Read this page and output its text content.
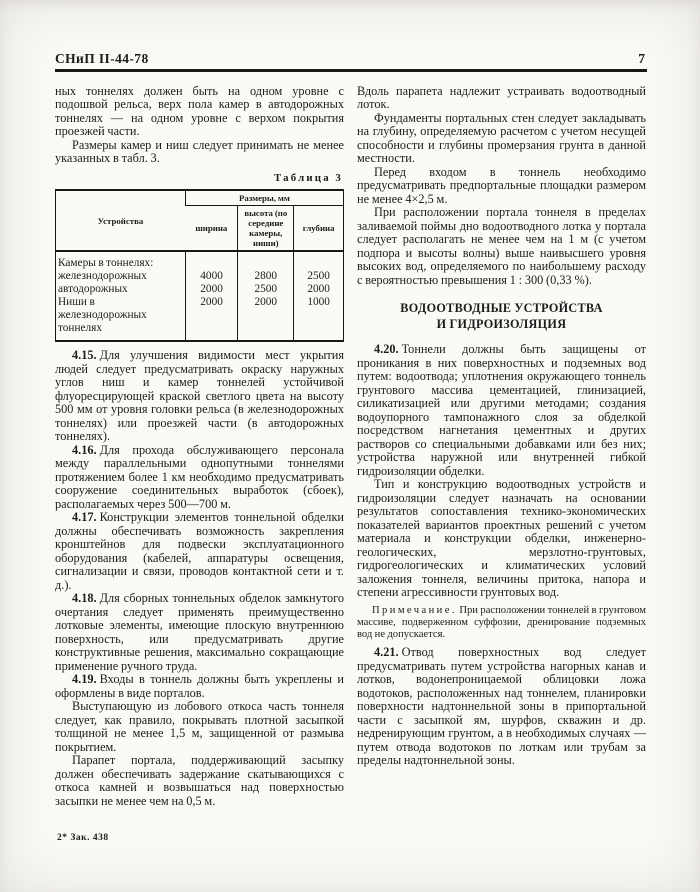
СНиП II-44-78	7

ных тоннелях должен быть на одном уровне с подошвой рельса, верх пола камер в автодорожных тоннелях — на одном уровне с верхом покрытия проезжей части.

Размеры камер и ниш следует принимать не менее указанных в табл. 3.

Таблица 3
Устройства	Размеры, мм		
	ширина	высота (по середине камеры, ниши)	глубина
Камеры в тоннелях:			
железнодорожных	4000	2800	2500
автодорожных	2000	2500	2000
Ниши в железнодорожных тоннелях	2000	2000	1000

4.15. Для улучшения видимости мест укрытия людей следует предусматривать окраску наружных углов ниш и камер тоннелей устойчивой флуоресцирующей краской светлого цвета на высоту 500 мм от уровня головки рельса (в железнодорожных тоннелях) или проезжей части (в автодорожных тоннелях).

4.16. Для прохода обслуживающего персонала между параллельными однопутными тоннелями протяжением более 1 км необходимо предусматривать сооружение соединительных выработок (сбоек), располагаемых через 500—700 м.

4.17. Конструкции элементов тоннельной обделки должны обеспечивать возможность закрепления кронштейнов для подвески эксплуатационного оборудования (кабелей, аппаратуры освещения, сигнализации и связи, проводов контактной сети и т. д.).

4.18. Для сборных тоннельных обделок замкнутого очертания следует применять преимущественно лотковые элементы, имеющие плоскую внутреннюю поверхность, или предусматривать другие конструктивные решения, максимально сокращающие применение ручного труда.

4.19. Входы в тоннель должны быть укреплены и оформлены в виде порталов.

Выступающую из лобового откоса часть тоннеля следует, как правило, покрывать плотной засыпкой толщиной не менее 1,5 м, защищенной от размыва покрытием.

Парапет портала, поддерживающий засыпку должен обеспечивать задержание скатывающихся с откоса камней и возвышаться над поверхностью засыпки не менее чем на 0,5 м.

Вдоль парапета надлежит устраивать водоотводный лоток.

Фундаменты портальных стен следует закладывать на глубину, определяемую расчетом с учетом несущей способности и глубины промерзания грунта в данной местности.

Перед входом в тоннель необходимо предусматривать предпортальные площадки размером не менее 4×2,5 м.

При расположении портала тоннеля в пределах заливаемой поймы дно водоотводного лотка у портала следует располагать не менее чем на 1 м (с учетом подпора и высоты волны) выше наивысшего уровня высоких вод, определяемого по наибольшему расходу с вероятностью превышения 1 : 300 (0,33 %).

ВОДООТВОДНЫЕ УСТРОЙСТВА
И ГИДРОИЗОЛЯЦИЯ

4.20. Тоннели должны быть защищены от проникания в них поверхностных и подземных вод путем: водоотвода; уплотнения окружающего тоннель грунтового массива цементацией, глинизацией, силикатизацией или другими методами; создания водоупорного тампонажного слоя за обделкой посредством нагнетания цементных и других растворов со специальными добавками или без них; устройства наружной или внутренней гибкой гидроизоляции обделки.

Тип и конструкцию водоотводных устройств и гидроизоляции следует назначать на основании результатов сопоставления технико-экономических показателей вариантов проектных решений с учетом материала и конструкции обделки, инженерно-геологических, мерзлотно-грунтовых, гидрогеологических и климатических условий заложения тоннеля, величины притока, напора и степени агрессивности грунтовых вод.

Примечание. При расположении тоннелей в грунтовом массиве, подверженном суффозии, дренирование подземных вод не допускается.

4.21. Отвод поверхностных вод следует предусматривать путем устройства нагорных канав и лотков, водонепроницаемой облицовки ложа водотоков, расположенных над тоннелем, планировки поверхности надтоннельной зоны в припортальной части с засыпкой ям, шурфов, скважин и др. недренирующим грунтом, а в необходимых случаях — путем отвода водотоков по лоткам или трубам за пределы надтоннельной зоны.

2* Зак. 438
